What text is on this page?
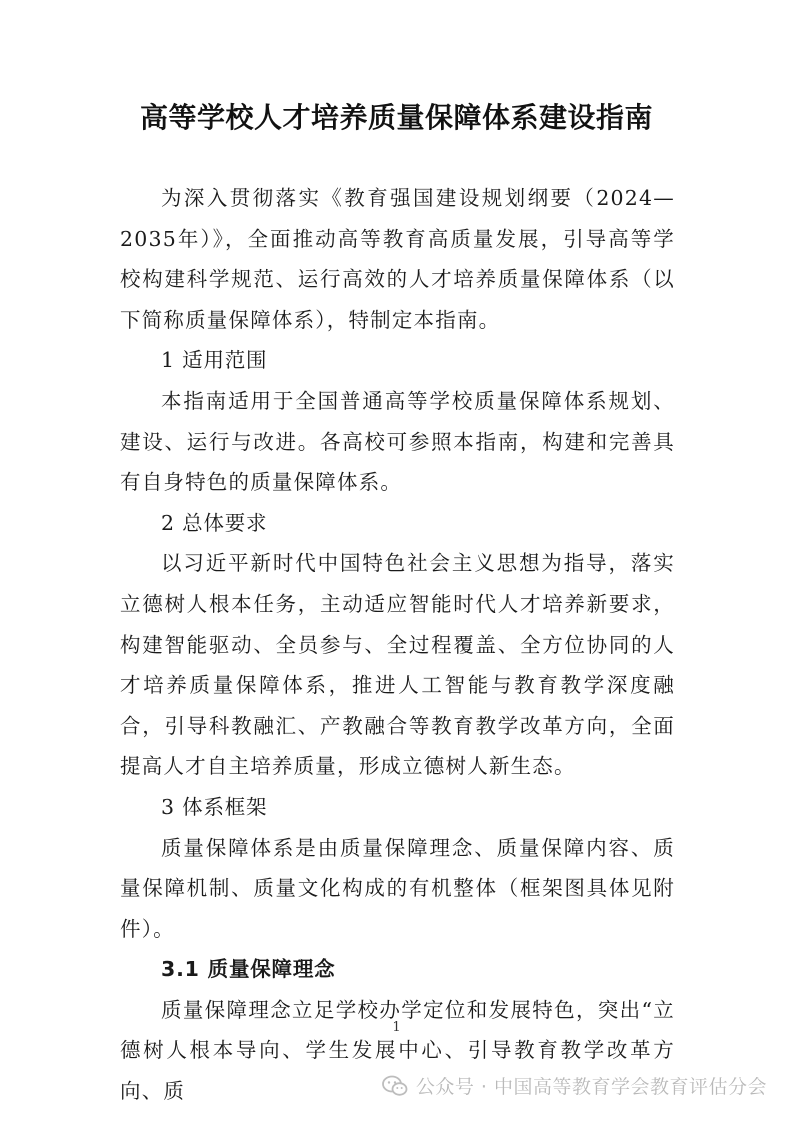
高等学校人才培养质量保障体系建设指南

为深入贯彻落实《教育强国建设规划纲要（2024—2035年）》，全面推动高等教育高质量发展，引导高等学校构建科学规范、运行高效的人才培养质量保障体系（以下简称质量保障体系），特制定本指南。

1 适用范围

本指南适用于全国普通高等学校质量保障体系规划、建设、运行与改进。各高校可参照本指南，构建和完善具有自身特色的质量保障体系。

2 总体要求

以习近平新时代中国特色社会主义思想为指导，落实立德树人根本任务，主动适应智能时代人才培养新要求，构建智能驱动、全员参与、全过程覆盖、全方位协同的人才培养质量保障体系，推进人工智能与教育教学深度融合，引导科教融汇、产教融合等教育教学改革方向，全面提高人才自主培养质量，形成立德树人新生态。

3 体系框架

质量保障体系是由质量保障理念、质量保障内容、质量保障机制、质量文化构成的有机整体（框架图具体见附件）。

3.1 质量保障理念

质量保障理念立足学校办学定位和发展特色，突出“立德树人根本导向、学生发展中心、引导教育教学改革方向、质

1
公众号 · 中国高等教育学会教育评估分会
